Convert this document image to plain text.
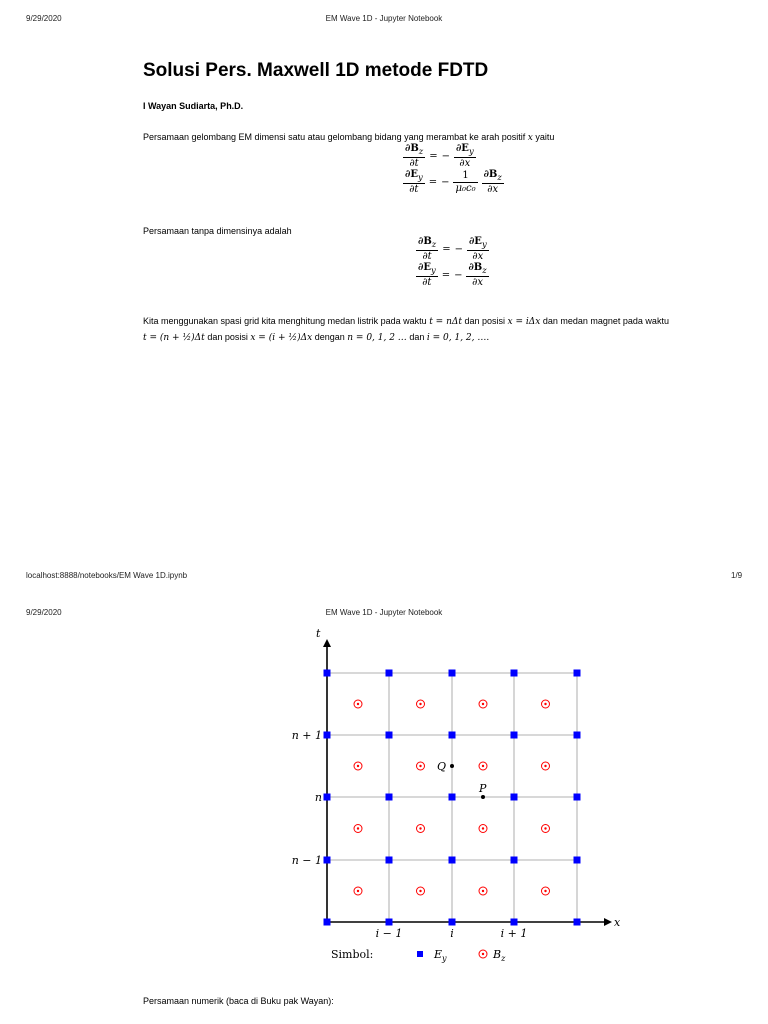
9/29/2020	EM Wave 1D - Jupyter Notebook
Solusi Pers. Maxwell 1D metode FDTD
I Wayan Sudiarta, Ph.D.
Persamaan gelombang EM dimensi satu atau gelombang bidang yang merambat ke arah positif x yaitu
$\frac{\partial B_z}{\partial t}$ = − $\frac{\partial E_y}{\partial x}$
$\frac{\partial E_y}{\partial t}$ = − $\frac{1}{\text{μ₀c₀}} \frac{\partial B_z}{\partial x}$
Persamaan tanpa dimensinya adalah
$\frac{\partial B_z}{\partial t}$ = − $\frac{\partial E_y}{\partial x}$
$\frac{\partial E_y}{\partial t}$ = − $\frac{\partial B_z}{\partial x}$
Kita menggunakan spasi grid kita menghitung medan listrik pada waktu t = nΔt dan posisi x = iΔx dan medan magnet pada waktu
t = (n + ½)Δt dan posisi x = (i + ½)Δx dengan n = 0, 1, 2 … dan i = 0, 1, 2, ….
localhost:8888/notebooks/EM Wave 1D.ipynb	1/9
9/29/2020	EM Wave 1D - Jupyter Notebook
t
x
n + 1
n
n − 1
i − 1	i	i + 1
Q
P
Simbol:	$E_y$	$B_z$
Persamaan numerik (baca di Buku pak Wayan):
